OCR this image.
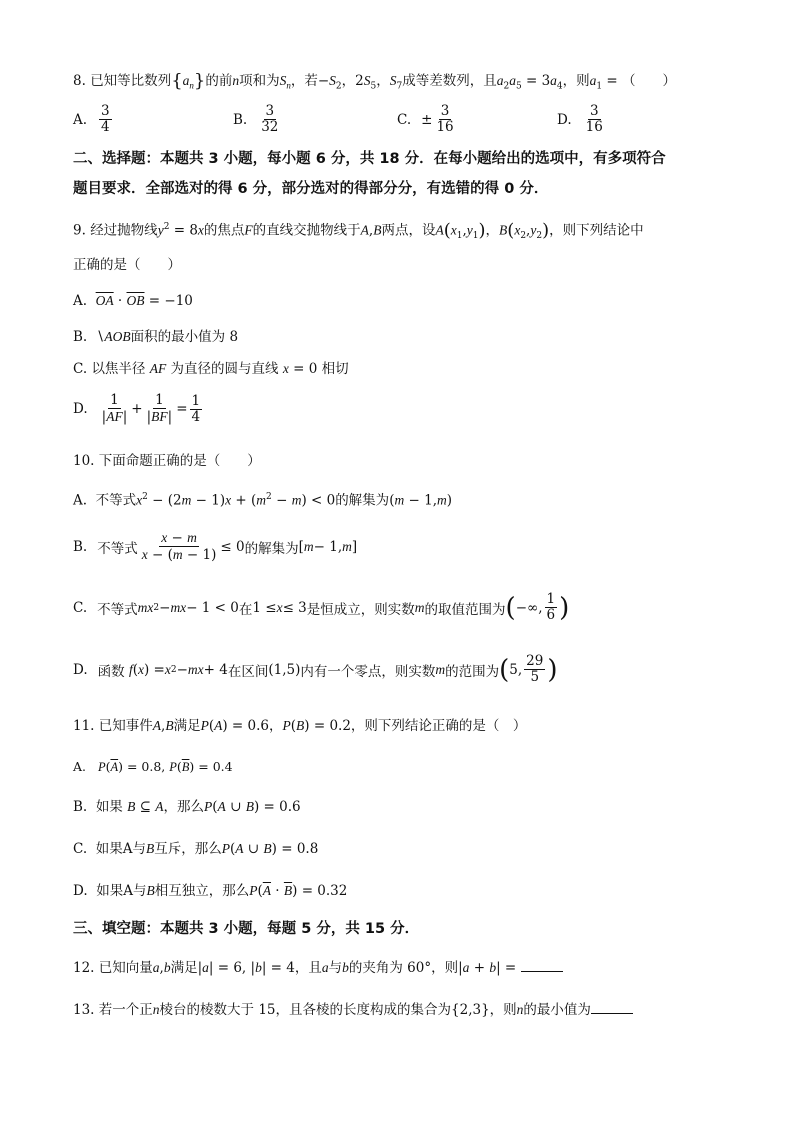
8. 已知等比数列$\{a_n\}$的前n项和为$S_n$，若$-S_2$，$2S_5$，$S_7$成等差数列，且$a_2a_5 = 3a_4$，则$a_1$ = （　　）
A. $\frac{3}{4}$	B. $\frac{3}{32}$	C. ± $\frac{3}{16}$	D. $\frac{3}{16}$
二、选择题：本题共 3 小题，每小题 6 分，共 18 分．在每小题给出的选项中，有多项符合
题目要求．全部选对的得 6 分，部分选对的得部分分，有选错的得 0 分．
9. 经过抛物线$y^2 = 8x$的焦点F的直线交抛物线于A,B两点，设$A(x_1,y_1)$，$B(x_2,y_2)$，则下列结论中
正确的是（　　）
A. $\overline{OA} \cdot \overline{OB} = -10$
B.  ∖AOB面积的最小值为 8
C. 以焦半径 AF 为直径的圆与直线 x = 0 相切
D. $\frac{1}{|AF|} + \frac{1}{|BF|} = \frac{1}{4}$
10. 下面命题正确的是（　　）
A. 不等式$x^2 - (2m - 1)x + (m^2 - m) < 0$的解集为(m − 1,m)
B. 不等式 $\frac{x - m}{x - (m - 1)} \le 0$ 的解集为 [ m − 1, m ]
C. 不等式 mx 2 − mx − 1 < 0 在 1 ≤ x ≤ 3 是恒成立，则实数 m 的取值范围为 ( −∞, $\frac{1}{6}$ )
D. 函数
f ( x ) = x 2 − mx + 4 在区间 (1,5) 内有一个零点，则实数 m 的范围为 ( 5, $\frac{29}{5}$ )
11. 已知事件A,B满足P(A) = 0.6，P(B) = 0.2，则下列结论正确的是（　）
A. $P(\overline{A}) = 0.8$, $P(\overline{B}) = 0.4$
B. 如果 B ⊆ A，那么P(A ∪ B) = 0.6
C. 如果A与B互斥，那么P(A ∪ B) = 0.8
D. 如果A与B相互独立，那么$P(\overline{A} \cdot \overline{B}) = 0.32$
三、填空题：本题共 3 小题，每题 5 分，共 15 分．
12. 已知向量a,b满足|a| = 6, |b| = 4，且a与b的夹角为 60°，则|a + b| =
13. 若一个正n棱台的棱数大于 15，且各棱的长度构成的集合为{2,3}，则n的最小值为
